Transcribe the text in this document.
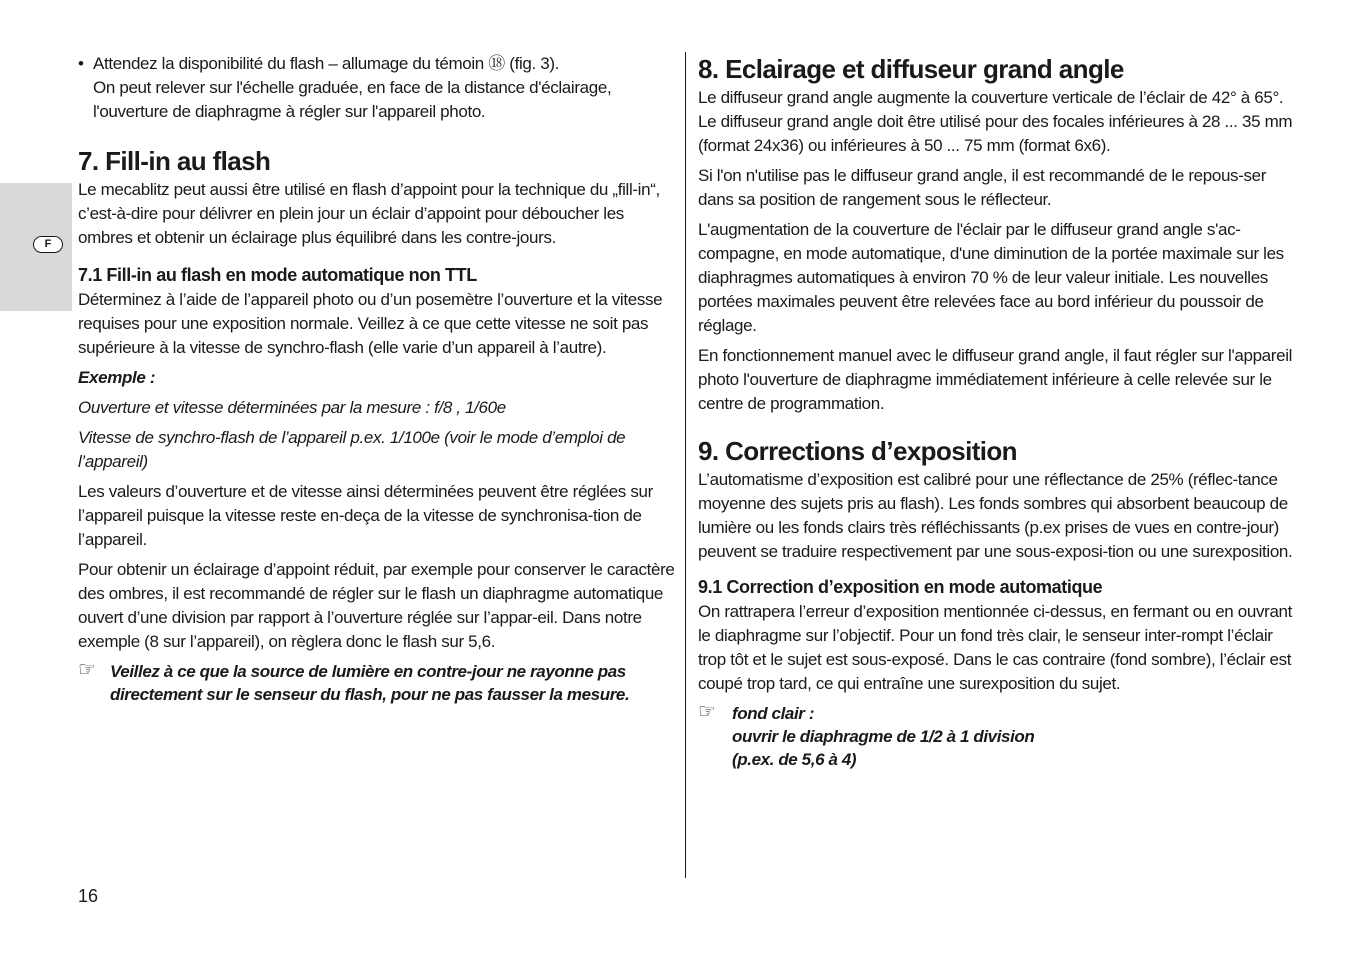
F

• Attendez la disponibilité du flash – allumage du témoin ⑱ (fig. 3).
On peut relever sur l'échelle graduée, en face de la distance d'éclairage, l'ouverture de diaphragme à régler sur l'appareil photo.

7. Fill-in au flash

Le mecablitz peut aussi être utilisé en flash d’appoint pour la technique du „fill-in“, c’est-à-dire pour délivrer en plein jour un éclair d’appoint pour déboucher les ombres et obtenir un éclairage plus équilibré dans les contre-jours.

7.1 Fill-in au flash en mode automatique non TTL

Déterminez à l’aide de l’appareil photo ou d’un posemètre l’ouverture et la vitesse requises pour une exposition normale. Veillez à ce que cette vitesse ne soit pas supérieure à la vitesse de synchro-flash (elle varie d’un appareil à l’autre).

Exemple :

Ouverture et vitesse déterminées par la mesure : f/8 , 1/60e

Vitesse de synchro-flash de l’appareil p.ex. 1/100e (voir le mode d’emploi de l’appareil)

Les valeurs d’ouverture et de vitesse ainsi déterminées peuvent être réglées sur l’appareil puisque la vitesse reste en-deça de la vitesse de synchronisa-tion de l’appareil.

Pour obtenir un éclairage d’appoint réduit, par exemple pour conserver le caractère des ombres, il est recommandé de régler sur le flash un diaphragme automatique ouvert d’une division par rapport à l’ouverture réglée sur l’appar-eil. Dans notre exemple (8 sur l’appareil), on règlera donc le flash sur 5,6.

☞ Veillez à ce que la source de lumière en contre-jour ne rayonne pas directement sur le senseur du flash, pour ne pas fausser la mesure.
8. Eclairage et diffuseur grand angle

Le diffuseur grand angle augmente la couverture verticale de l’éclair de 42° à 65°. Le diffuseur grand angle doit être utilisé pour des focales inférieures à 28 ... 35 mm (format 24x36) ou inférieures à 50 ... 75 mm (format 6x6).

Si l'on n'utilise pas le diffuseur grand angle, il est recommandé de le repous-ser dans sa position de rangement sous le réflecteur.

L'augmentation de la couverture de l'éclair par le diffuseur grand angle s'ac-compagne, en mode automatique, d'une diminution de la portée maximale sur les diaphragmes automatiques à environ 70 % de leur valeur initiale. Les nouvelles portées maximales peuvent être relevées face au bord inférieur du poussoir de réglage.

En fonctionnement manuel avec le diffuseur grand angle, il faut régler sur l'appareil photo l'ouverture de diaphragme immédiatement inférieure à celle relevée sur le centre de programmation.

9. Corrections d’exposition

L’automatisme d’exposition est calibré pour une réflectance de 25% (réflec-tance moyenne des sujets pris au flash). Les fonds sombres qui absorbent beaucoup de lumière ou les fonds clairs très réfléchissants (p.ex prises de vues en contre-jour) peuvent se traduire respectivement par une sous-exposi-tion ou une surexposition.

9.1 Correction d’exposition en mode automatique

On rattrapera l’erreur d’exposition mentionnée ci-dessus, en fermant ou en ouvrant le diaphragme sur l’objectif. Pour un fond très clair, le senseur inter-rompt l’éclair trop tôt et le sujet est sous-exposé. Dans le cas contraire (fond sombre), l’éclair est coupé trop tard, ce qui entraîne une surexposition du sujet.

☞ fond clair :
ouvrir le diaphragme de 1/2 à 1 division
(p.ex. de 5,6 à 4)
16
